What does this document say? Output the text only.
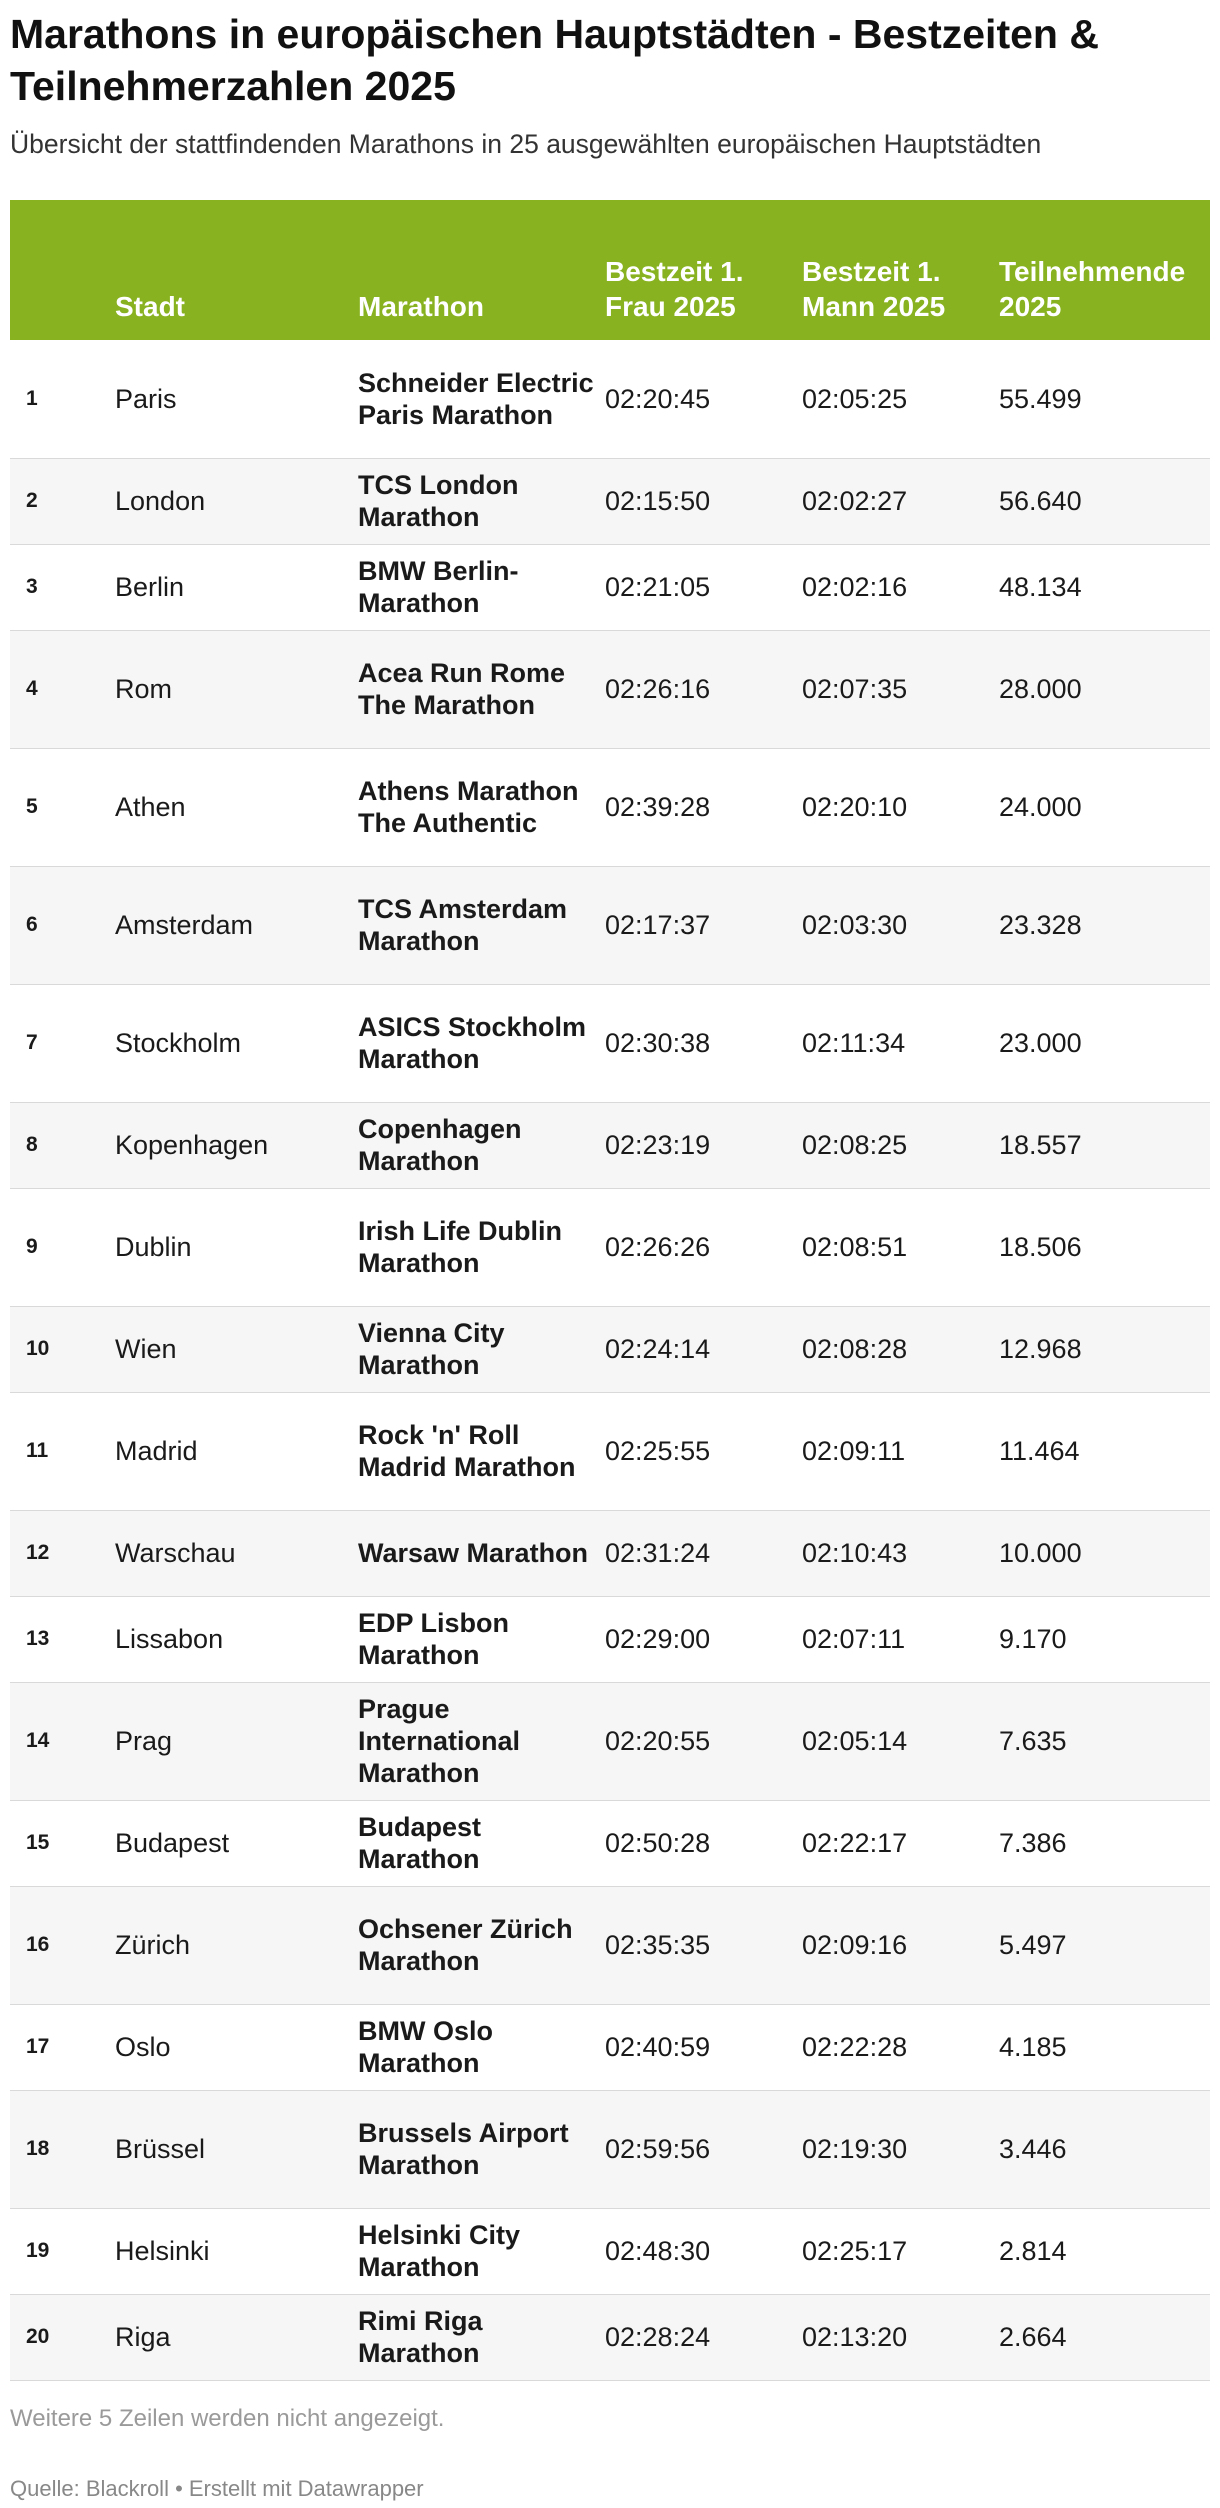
Marathons in europäischen Hauptstädten - Bestzeiten & Teilnehmerzahlen 2025
Übersicht der stattfindenden Marathons in 25 ausgewählten europäischen Hauptstädten
	Stadt	Marathon	Bestzeit 1. Frau 2025	Bestzeit 1. Mann 2025	Teilnehmende 2025
1	Paris	Schneider Electric Paris Marathon	02:20:45	02:05:25	55.499
2	London	TCS London Marathon	02:15:50	02:02:27	56.640
3	Berlin	BMW Berlin-Marathon	02:21:05	02:02:16	48.134
4	Rom	Acea Run Rome The Marathon	02:26:16	02:07:35	28.000
5	Athen	Athens Marathon The Authentic	02:39:28	02:20:10	24.000
6	Amsterdam	TCS Amsterdam Marathon	02:17:37	02:03:30	23.328
7	Stockholm	ASICS Stockholm Marathon	02:30:38	02:11:34	23.000
8	Kopenhagen	Copenhagen Marathon	02:23:19	02:08:25	18.557
9	Dublin	Irish Life Dublin Marathon	02:26:26	02:08:51	18.506
10	Wien	Vienna City Marathon	02:24:14	02:08:28	12.968
11	Madrid	Rock 'n' Roll Madrid Marathon	02:25:55	02:09:11	11.464
12	Warschau	Warsaw Marathon	02:31:24	02:10:43	10.000
13	Lissabon	EDP Lisbon Marathon	02:29:00	02:07:11	9.170
14	Prag	Prague International Marathon	02:20:55	02:05:14	7.635
15	Budapest	Budapest Marathon	02:50:28	02:22:17	7.386
16	Zürich	Ochsener Zürich Marathon	02:35:35	02:09:16	5.497
17	Oslo	BMW Oslo Marathon	02:40:59	02:22:28	4.185
18	Brüssel	Brussels Airport Marathon	02:59:56	02:19:30	3.446
19	Helsinki	Helsinki City Marathon	02:48:30	02:25:17	2.814
20	Riga	Rimi Riga Marathon	02:28:24	02:13:20	2.664
Weitere 5 Zeilen werden nicht angezeigt.
Quelle: Blackroll • Erstellt mit Datawrapper
